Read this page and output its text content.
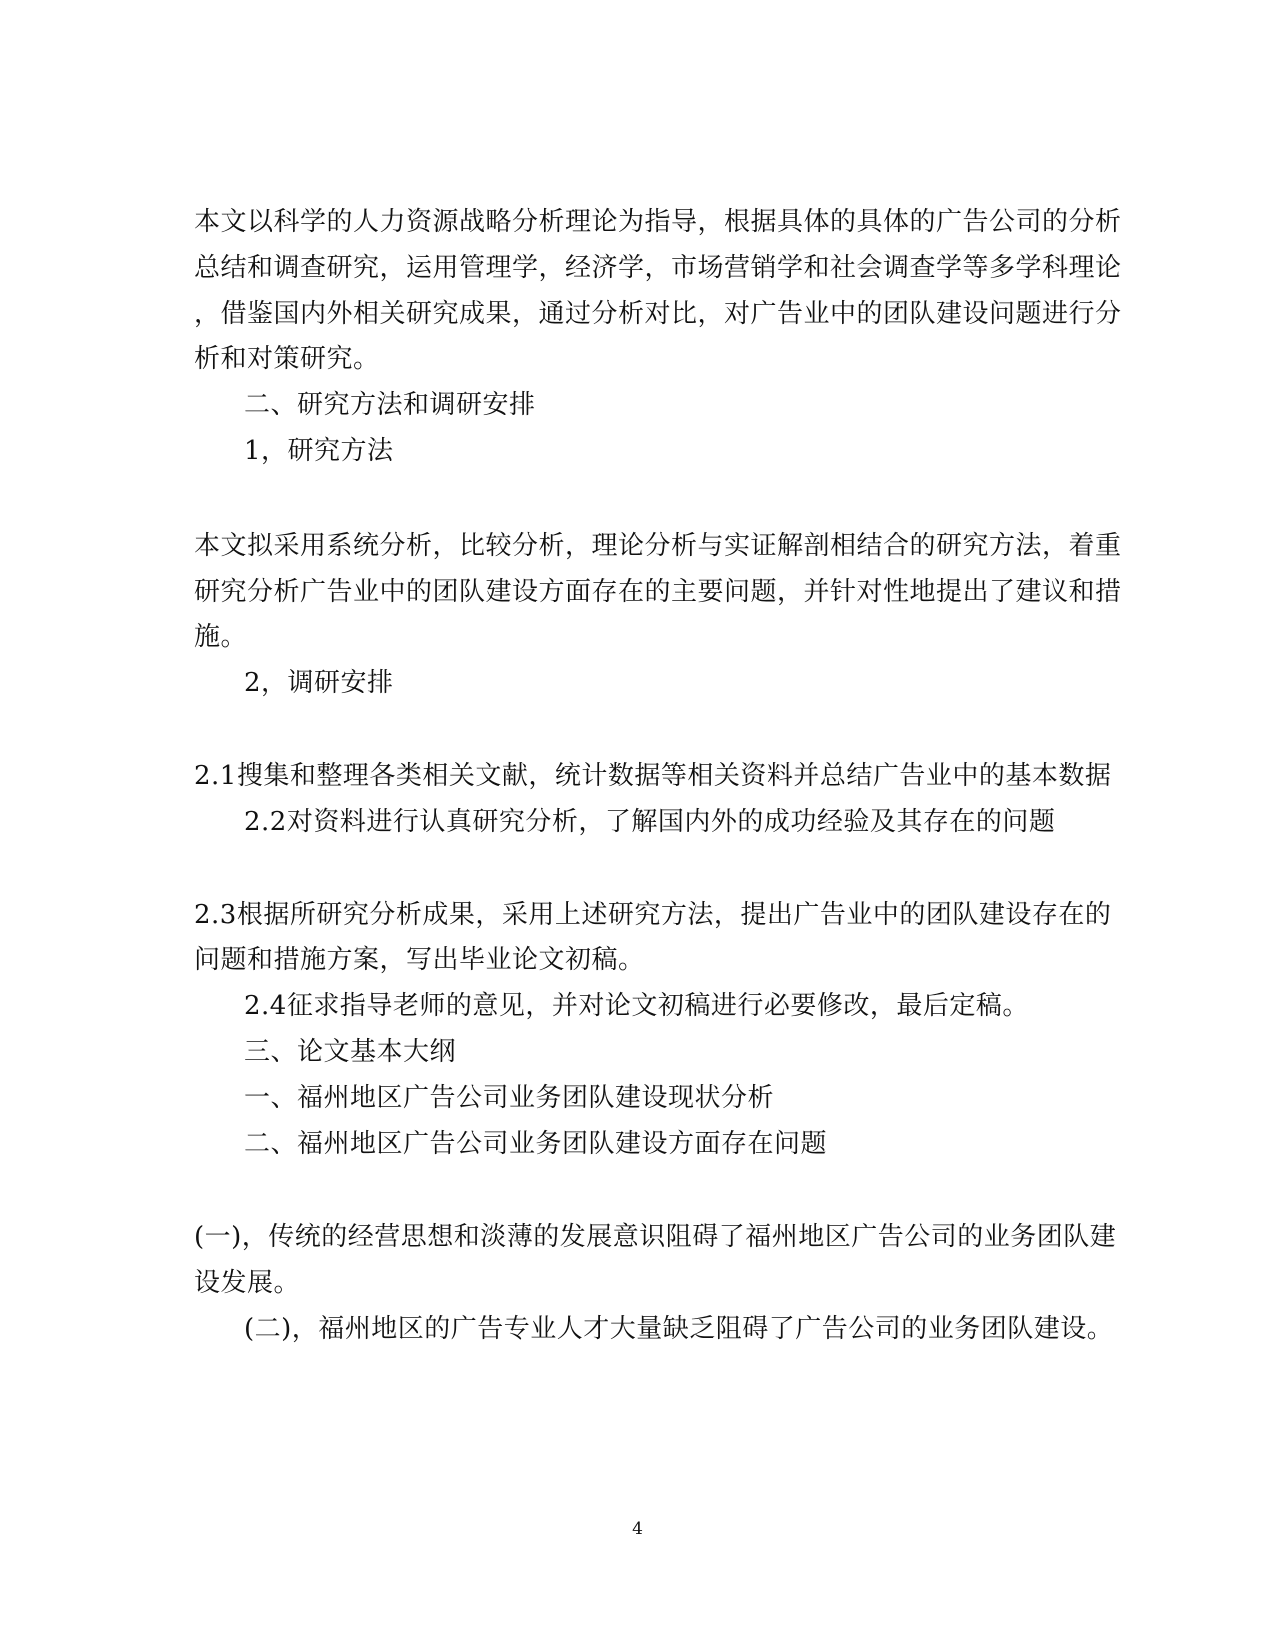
本文以科学的人力资源战略分析理论为指导，根据具体的具体的广告公司的分析
总结和调查研究，运用管理学，经济学，市场营销学和社会调查学等多学科理论
，借鉴国内外相关研究成果，通过分析对比，对广告业中的团队建设问题进行分
析和对策研究。
二、研究方法和调研安排
1，研究方法
本文拟采用系统分析，比较分析，理论分析与实证解剖相结合的研究方法，着重
研究分析广告业中的团队建设方面存在的主要问题，并针对性地提出了建议和措
施。
2，调研安排
2.1搜集和整理各类相关文献，统计数据等相关资料并总结广告业中的基本数据
2.2对资料进行认真研究分析，了解国内外的成功经验及其存在的问题
2.3根据所研究分析成果，采用上述研究方法，提出广告业中的团队建设存在的
问题和措施方案，写出毕业论文初稿。
2.4征求指导老师的意见，并对论文初稿进行必要修改，最后定稿。
三、论文基本大纲
一、福州地区广告公司业务团队建设现状分析
二、福州地区广告公司业务团队建设方面存在问题
(一)，传统的经营思想和淡薄的发展意识阻碍了福州地区广告公司的业务团队建
设发展。
(二)，福州地区的广告专业人才大量缺乏阻碍了广告公司的业务团队建设。
4
